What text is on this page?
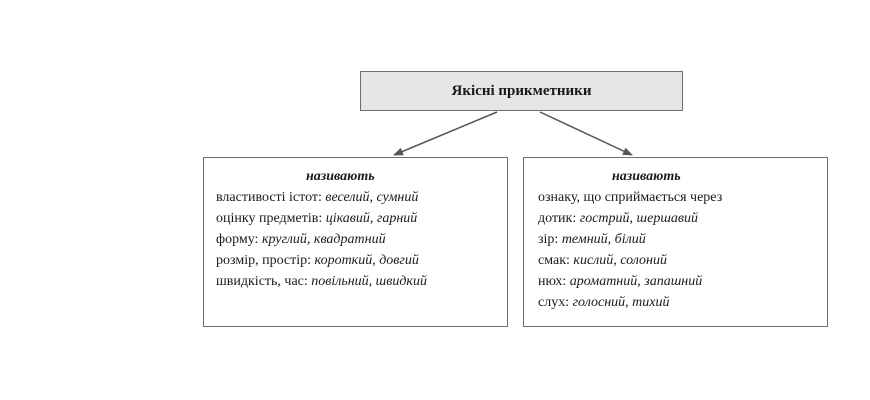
Якісні прикметники
називають
властивості істот: веселий, сумний
оцінку предметів: цікавий, гарний
форму: круглий, квадратний
розмір, простір: короткий, довгий
швидкість, час: повільний, швидкий
називають
ознаку, що сприймається через
дотик: гострий, шершавий
зір: темний, білий
смак: кислий, солоний
нюх: ароматний, запашний
слух: голосний, тихий
